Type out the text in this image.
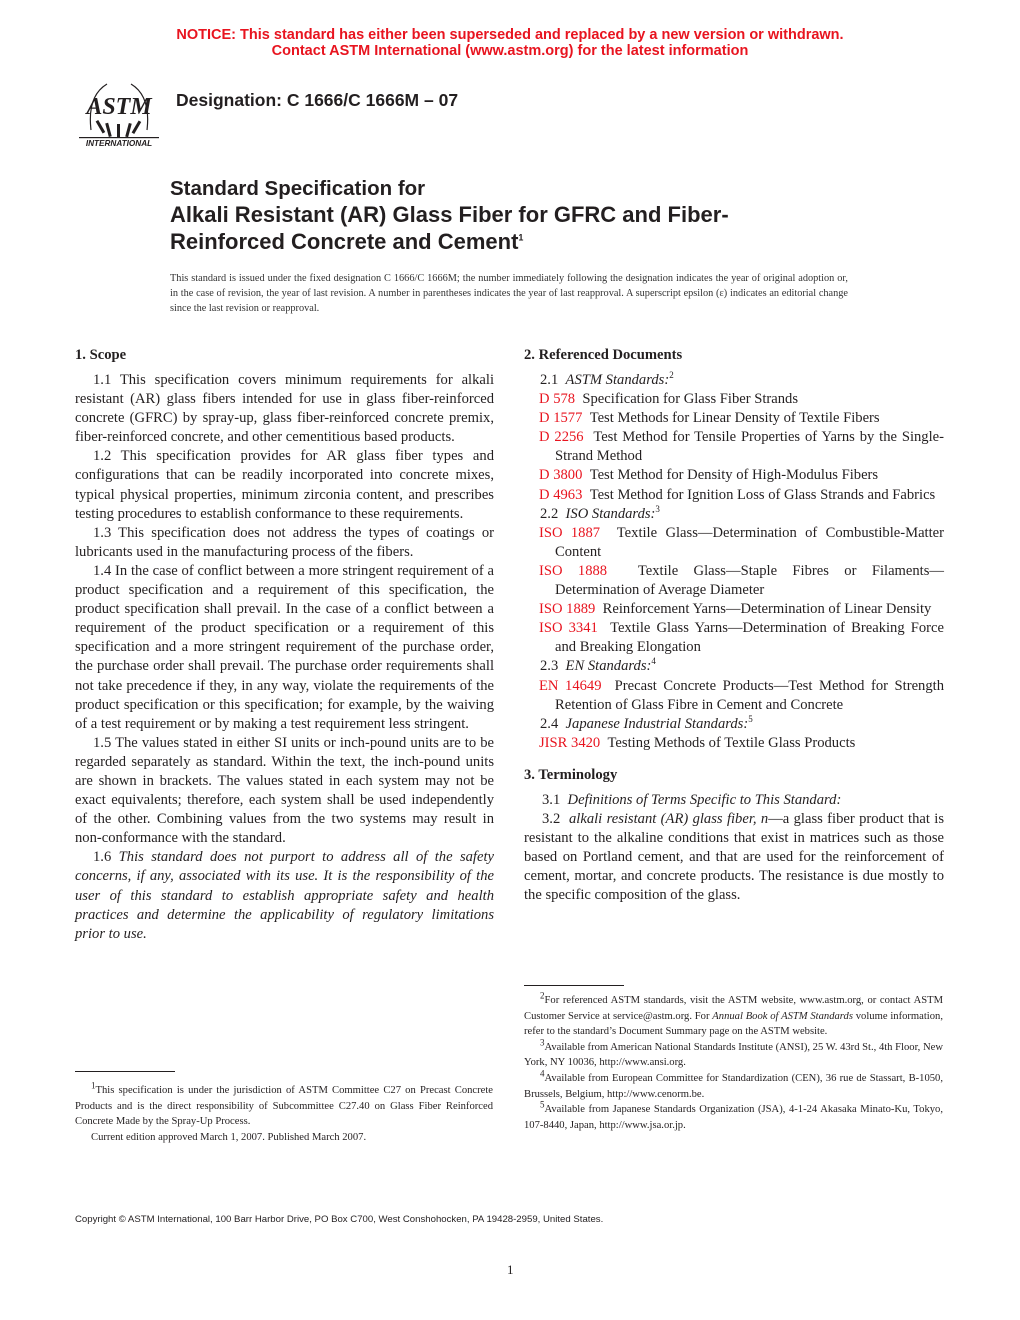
NOTICE: This standard has either been superseded and replaced by a new version or withdrawn.
Contact ASTM International (www.astm.org) for the latest information
ASTM
INTERNATIONAL
Designation: C 1666/C 1666M – 07
Standard Specification for
Alkali Resistant (AR) Glass Fiber for GFRC and Fiber-
Reinforced Concrete and Cement$^1$
This standard is issued under the fixed designation C 1666/C 1666M; the number immediately following the designation indicates the year of original adoption or, in the case of revision, the year of last revision. A number in parentheses indicates the year of last reapproval. A superscript epsilon (ε) indicates an editorial change since the last revision or reapproval.
1. Scope

1.1 This specification covers minimum requirements for alkali resistant (AR) glass fibers intended for use in glass fiber-reinforced concrete (GFRC) by spray-up, glass fiber-reinforced concrete premix, fiber-reinforced concrete, and other cementitious based products.

1.2 This specification provides for AR glass fiber types and configurations that can be readily incorporated into concrete mixes, typical physical properties, minimum zirconia content, and prescribes testing procedures to establish conformance to these requirements.

1.3 This specification does not address the types of coatings or lubricants used in the manufacturing process of the fibers.

1.4 In the case of conflict between a more stringent requirement of a product specification and a requirement of this specification, the product specification shall prevail. In the case of a conflict between a requirement of the product specification or a requirement of this specification and a more stringent requirement of the purchase order, the purchase order shall prevail. The purchase order requirements shall not take precedence if they, in any way, violate the requirements of the product specification or this specification; for example, by the waiving of a test requirement or by making a test requirement less stringent.

1.5 The values stated in either SI units or inch-pound units are to be regarded separately as standard. Within the text, the inch-pound units are shown in brackets. The values stated in each system may not be exact equivalents; therefore, each system shall be used independently of the other. Combining values from the two systems may result in non-conformance with the standard.

1.6 This standard does not purport to address all of the safety concerns, if any, associated with its use. It is the responsibility of the user of this standard to establish appropriate safety and health practices and determine the applicability of regulatory limitations prior to use.

$^1$This specification is under the jurisdiction of ASTM Committee C27 on Precast Concrete Products and is the direct responsibility of Subcommittee C27.40 on Glass Fiber Reinforced Concrete Made by the Spray-Up Process.

Current edition approved March 1, 2007. Published March 2007.

2. Referenced Documents

2.1 ASTM Standards:$^2$

D 578 Specification for Glass Fiber Strands

D 1577 Test Methods for Linear Density of Textile Fibers

D 2256 Test Method for Tensile Properties of Yarns by the Single-Strand Method

D 3800 Test Method for Density of High-Modulus Fibers

D 4963 Test Method for Ignition Loss of Glass Strands and Fabrics

2.2 ISO Standards:$^3$

ISO 1887 Textile Glass—Determination of Combustible-Matter Content

ISO 1888 Textile Glass—Staple Fibres or Filaments—Determination of Average Diameter

ISO 1889 Reinforcement Yarns—Determination of Linear Density

ISO 3341 Textile Glass Yarns—Determination of Breaking Force and Breaking Elongation

2.3 EN Standards:$^4$

EN 14649 Precast Concrete Products—Test Method for Strength Retention of Glass Fibre in Cement and Concrete

2.4 Japanese Industrial Standards:$^5$

JISR 3420 Testing Methods of Textile Glass Products

3. Terminology

3.1 Definitions of Terms Specific to This Standard:

3.2 alkali resistant (AR) glass fiber, n—a glass fiber product that is resistant to the alkaline conditions that exist in matrices such as those based on Portland cement, and that are used for the reinforcement of cement, mortar, and concrete products. The resistance is due mostly to the specific composition of the glass.

$^2$For referenced ASTM standards, visit the ASTM website, www.astm.org, or contact ASTM Customer Service at service@astm.org. For Annual Book of ASTM Standards volume information, refer to the standard’s Document Summary page on the ASTM website.

$^3$Available from American National Standards Institute (ANSI), 25 W. 43rd St., 4th Floor, New York, NY 10036, http://www.ansi.org.

$^4$Available from European Committee for Standardization (CEN), 36 rue de Stassart, B-1050, Brussels, Belgium, http://www.cenorm.be.

$^5$Available from Japanese Standards Organization (JSA), 4-1-24 Akasaka Minato-Ku, Tokyo, 107-8440, Japan, http://www.jsa.or.jp.

Copyright © ASTM International, 100 Barr Harbor Drive, PO Box C700, West Conshohocken, PA 19428-2959, United States.
1
